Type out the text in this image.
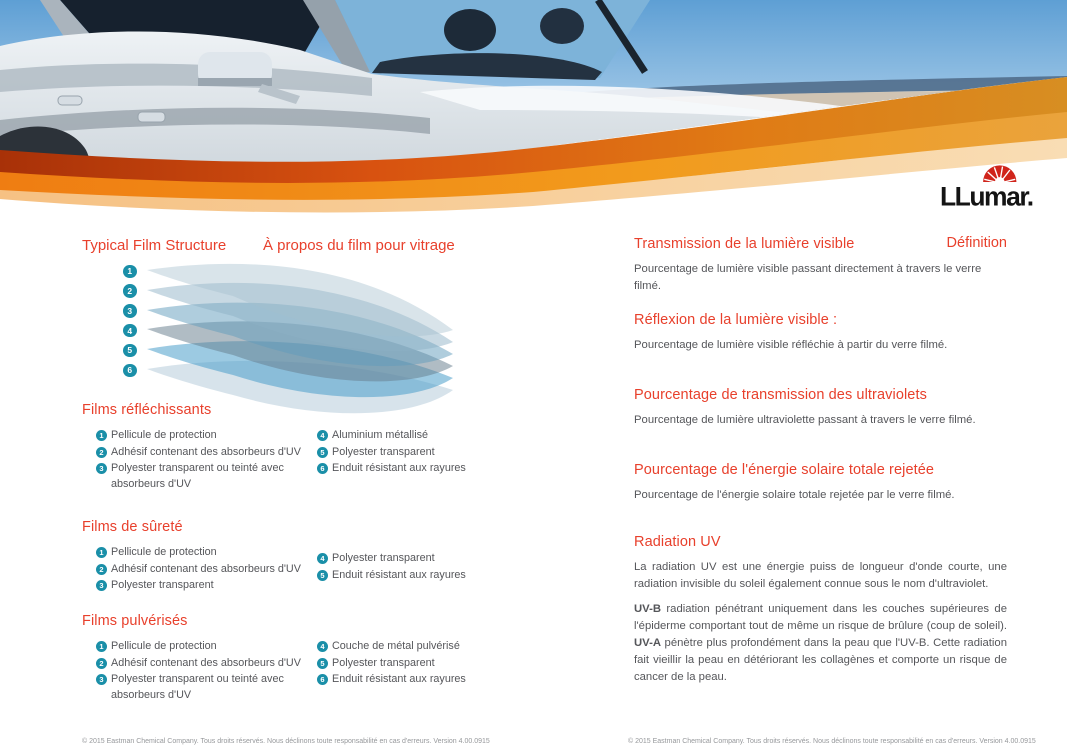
LLumar.
Typical Film Structure À propos du film pour vitrage
1
2
3
4
5
6
Films réfléchissants
1 Pellicule de protection
2 Adhésif contenant des absorbeurs d'UV
3 Polyester transparent ou teinté avec absorbeurs d'UV
4 Aluminium métallisé
5 Polyester transparent
6 Enduit résistant aux rayures
Films de sûreté
1 Pellicule de protection
2 Adhésif contenant des absorbeurs d'UV
3 Polyester transparent
4 Polyester transparent
5 Enduit résistant aux rayures
Films pulvérisés
1 Pellicule de protection
2 Adhésif contenant des absorbeurs d'UV
3 Polyester transparent ou teinté avec absorbeurs d'UV
4 Couche de métal pulvérisé
5 Polyester transparent
6 Enduit résistant aux rayures
© 2015 Eastman Chemical Company. Tous droits réservés. Nous déclinons toute responsabilité en cas d'erreurs. Version 4.00.0915
Définition
Transmission de la lumière visible

Pourcentage de lumière visible passant directement à travers le verre filmé.

Réflexion de la lumière visible :

Pourcentage de lumière visible réfléchie à partir du verre filmé.

Pourcentage de transmission des ultraviolets

Pourcentage de lumière ultraviolette passant à travers le verre filmé.

Pourcentage de l'énergie solaire totale rejetée

Pourcentage de l'énergie solaire totale rejetée par le verre filmé.

Radiation UV

La radiation UV est une énergie puiss de longueur d'onde courte, une radiation invisible du soleil également connue sous le nom d'ultraviolet.

UV-B radiation pénétrant uniquement dans les couches supérieures de l'épiderme comportant tout de même un risque de brûlure (coup de soleil). UV-A pénètre plus profondément dans la peau que l'UV-B. Cette radiation fait vieillir la peau en détériorant les collagènes et comporte un risque de cancer de la peau.

© 2015 Eastman Chemical Company. Tous droits réservés. Nous déclinons toute responsabilité en cas d'erreurs. Version 4.00.0915
